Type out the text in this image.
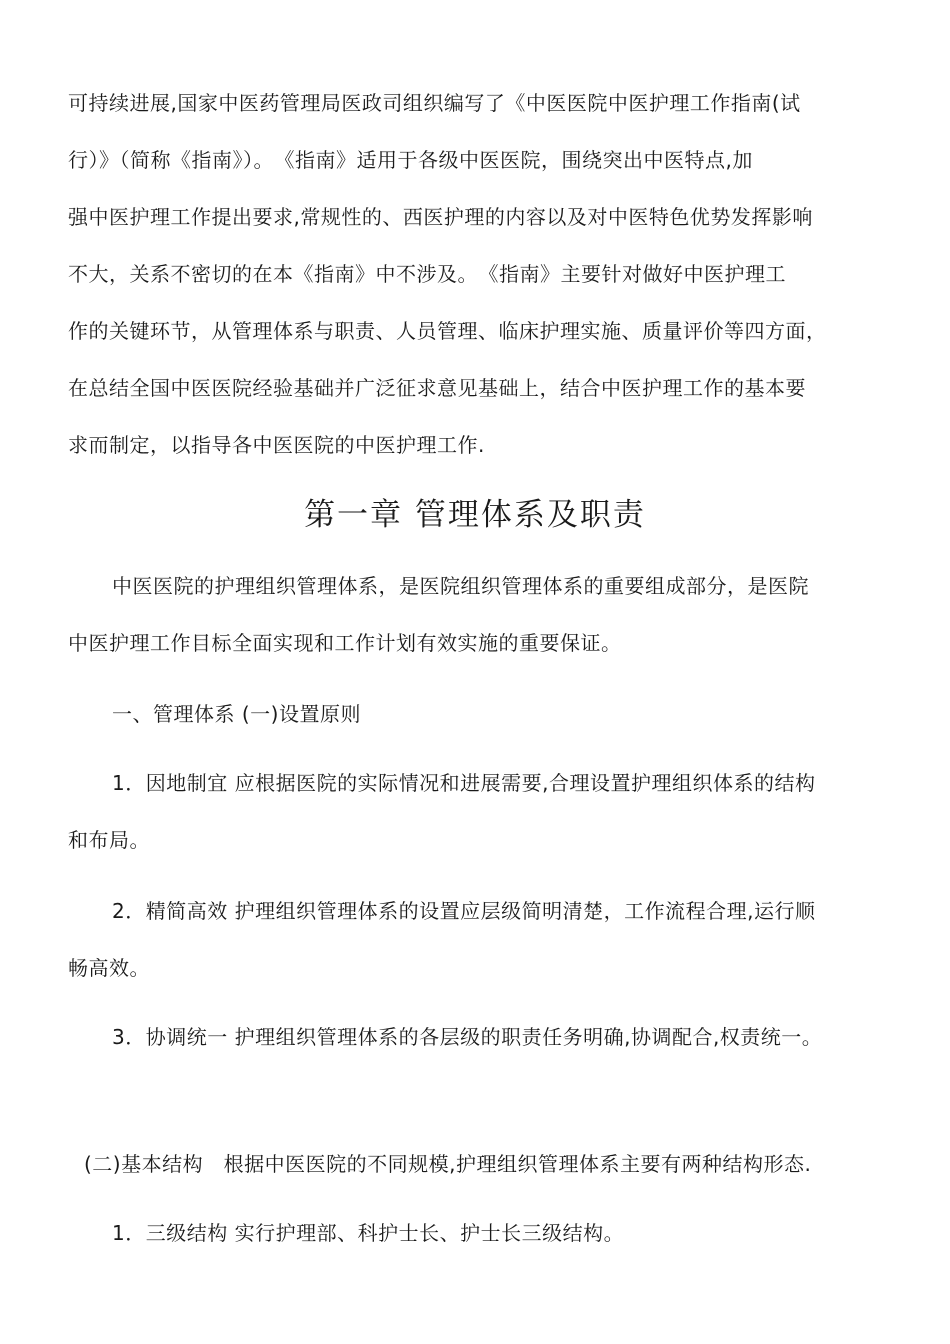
可持续进展,国家中医药管理局医政司组织编写了《中医医院中医护理工作指南(试
行）》（简称《指南》）。　《指南》适用于各级中医医院，围绕突出中医特点,加
强中医护理工作提出要求,常规性的、西医护理的内容以及对中医特色优势发挥影响
不大，关系不密切的在本《指南》中不涉及。　《指南》主要针对做好中医护理工
作的关键环节，从管理体系与职责、人员管理、临床护理实施、质量评价等四方面，
在总结全国中医医院经验基础并广泛征求意见基础上，结合中医护理工作的基本要
求而制定，以指导各中医医院的中医护理工作.
第一章 管理体系及职责
中医医院的护理组织管理体系，是医院组织管理体系的重要组成部分，是医院
中医护理工作目标全面实现和工作计划有效实施的重要保证。
一、管理体系 (一)设置原则
1．因地制宜 应根据医院的实际情况和进展需要,合理设置护理组织体系的结构
和布局。
2．精简高效 护理组织管理体系的设置应层级简明清楚，工作流程合理,运行顺
畅高效。
3．协调统一 护理组织管理体系的各层级的职责任务明确,协调配合,权责统一。
(二)基本结构　根据中医医院的不同规模,护理组织管理体系主要有两种结构形态.
1．三级结构 实行护理部、科护士长、护士长三级结构。
